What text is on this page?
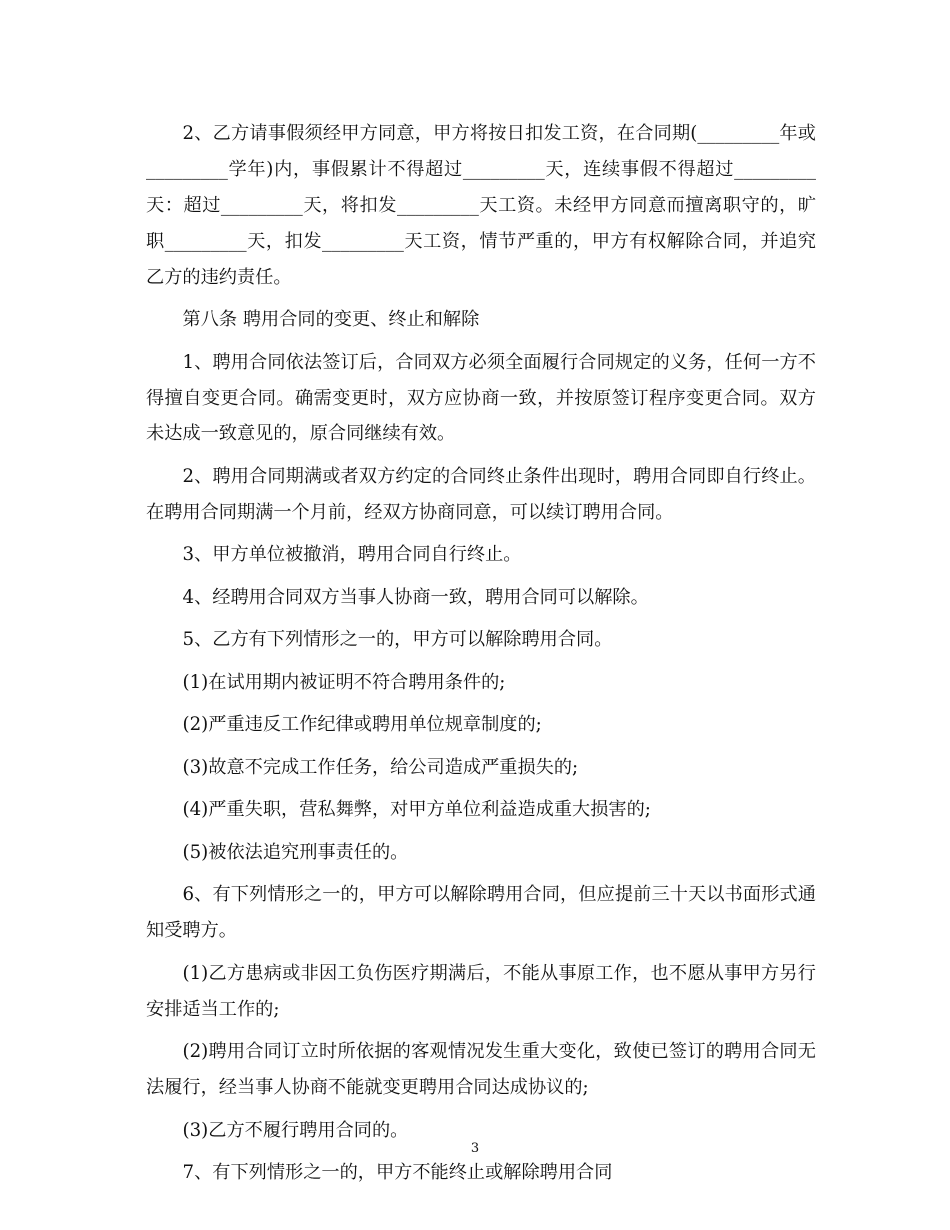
2、乙方请事假须经甲方同意，甲方将按日扣发工资，在合同期(_________年或_________学年)内，事假累计不得超过_________天，连续事假不得超过_________天：超过_________天，将扣发_________天工资。未经甲方同意而擅离职守的，旷职_________天，扣发_________天工资，情节严重的，甲方有权解除合同，并追究乙方的违约责任。

第八条 聘用合同的变更、终止和解除

1、聘用合同依法签订后，合同双方必须全面履行合同规定的义务，任何一方不得擅自变更合同。确需变更时，双方应协商一致，并按原签订程序变更合同。双方未达成一致意见的，原合同继续有效。

2、聘用合同期满或者双方约定的合同终止条件出现时，聘用合同即自行终止。在聘用合同期满一个月前，经双方协商同意，可以续订聘用合同。

3、甲方单位被撤消，聘用合同自行终止。

4、经聘用合同双方当事人协商一致，聘用合同可以解除。

5、乙方有下列情形之一的，甲方可以解除聘用合同。

(1)在试用期内被证明不符合聘用条件的;

(2)严重违反工作纪律或聘用单位规章制度的;

(3)故意不完成工作任务，给公司造成严重损失的;

(4)严重失职，营私舞弊，对甲方单位利益造成重大损害的;

(5)被依法追究刑事责任的。

6、有下列情形之一的，甲方可以解除聘用合同，但应提前三十天以书面形式通知受聘方。

(1)乙方患病或非因工负伤医疗期满后，不能从事原工作，也不愿从事甲方另行安排适当工作的;

(2)聘用合同订立时所依据的客观情况发生重大变化，致使已签订的聘用合同无法履行，经当事人协商不能就变更聘用合同达成协议的;

(3)乙方不履行聘用合同的。

7、有下列情形之一的，甲方不能终止或解除聘用合同

3
